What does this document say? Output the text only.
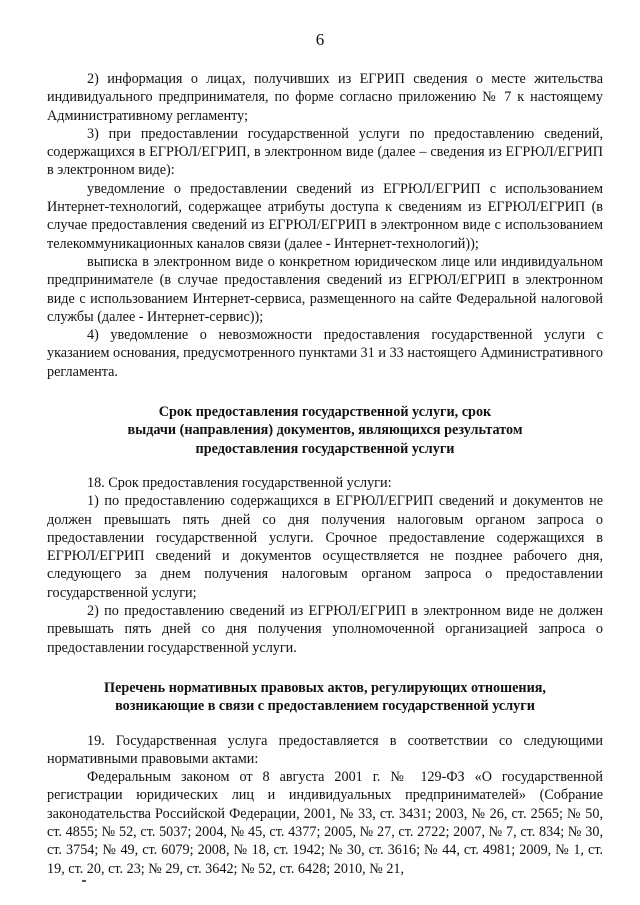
6
2) информация о лицах, получивших из ЕГРИП сведения о месте жительства индивидуального предпринимателя, по форме согласно приложению № 7 к настоящему Административному регламенту;
3) при предоставлении государственной услуги по предоставлению сведений, содержащихся в ЕГРЮЛ/ЕГРИП, в электронном виде (далее – сведения из ЕГРЮЛ/ЕГРИП в электронном виде):
уведомление о предоставлении сведений из ЕГРЮЛ/ЕГРИП с использованием Интернет-технологий, содержащее атрибуты доступа к сведениям из ЕГРЮЛ/ЕГРИП (в случае предоставления сведений из ЕГРЮЛ/ЕГРИП в электронном виде с использованием телекоммуникационных каналов связи (далее - Интернет-технологий));
выписка в электронном виде о конкретном юридическом лице или индивидуальном предпринимателе (в случае предоставления сведений из ЕГРЮЛ/ЕГРИП в электронном виде с использованием Интернет-сервиса, размещенного на сайте Федеральной налоговой службы (далее - Интернет-сервис));
4) уведомление о невозможности предоставления государственной услуги с указанием основания, предусмотренного пунктами 31 и 33 настоящего Административного регламента.

Срок предоставления государственной услуги, срок

выдачи (направления) документов, являющихся результатом

предоставления государственной услуги

18. Срок предоставления государственной услуги:
1) по предоставлению содержащихся в ЕГРЮЛ/ЕГРИП сведений и документов не должен превышать пять дней со дня получения налоговым органом запроса о предоставлении государственной услуги. Срочное предоставление содержащихся в ЕГРЮЛ/ЕГРИП сведений и документов осуществляется не позднее рабочего дня, следующего за днем получения налоговым органом запроса о предоставлении государственной услуги;
2) по предоставлению сведений из ЕГРЮЛ/ЕГРИП в электронном виде не должен превышать пять дней со дня получения уполномоченной организацией запроса о предоставлении государственной услуги.

Перечень нормативных правовых актов, регулирующих отношения,

возникающие в связи с предоставлением государственной услуги

19. Государственная услуга предоставляется в соответствии со следующими нормативными правовыми актами:
Федеральным законом от 8 августа 2001 г. № 129-ФЗ «О государственной регистрации юридических лиц и индивидуальных предпринимателей» (Собрание законодательства Российской Федерации, 2001, № 33, ст. 3431; 2003, № 26, ст. 2565; № 50, ст. 4855; № 52, ст. 5037; 2004, № 45, ст. 4377; 2005, № 27, ст. 2722; 2007, № 7, ст. 834; № 30, ст. 3754; № 49, ст. 6079; 2008, № 18, ст. 1942; № 30, ст. 3616; № 44, ст. 4981; 2009, № 1, ст. 19, ст. 20, ст. 23; № 29, ст. 3642; № 52, ст. 6428; 2010, № 21,
